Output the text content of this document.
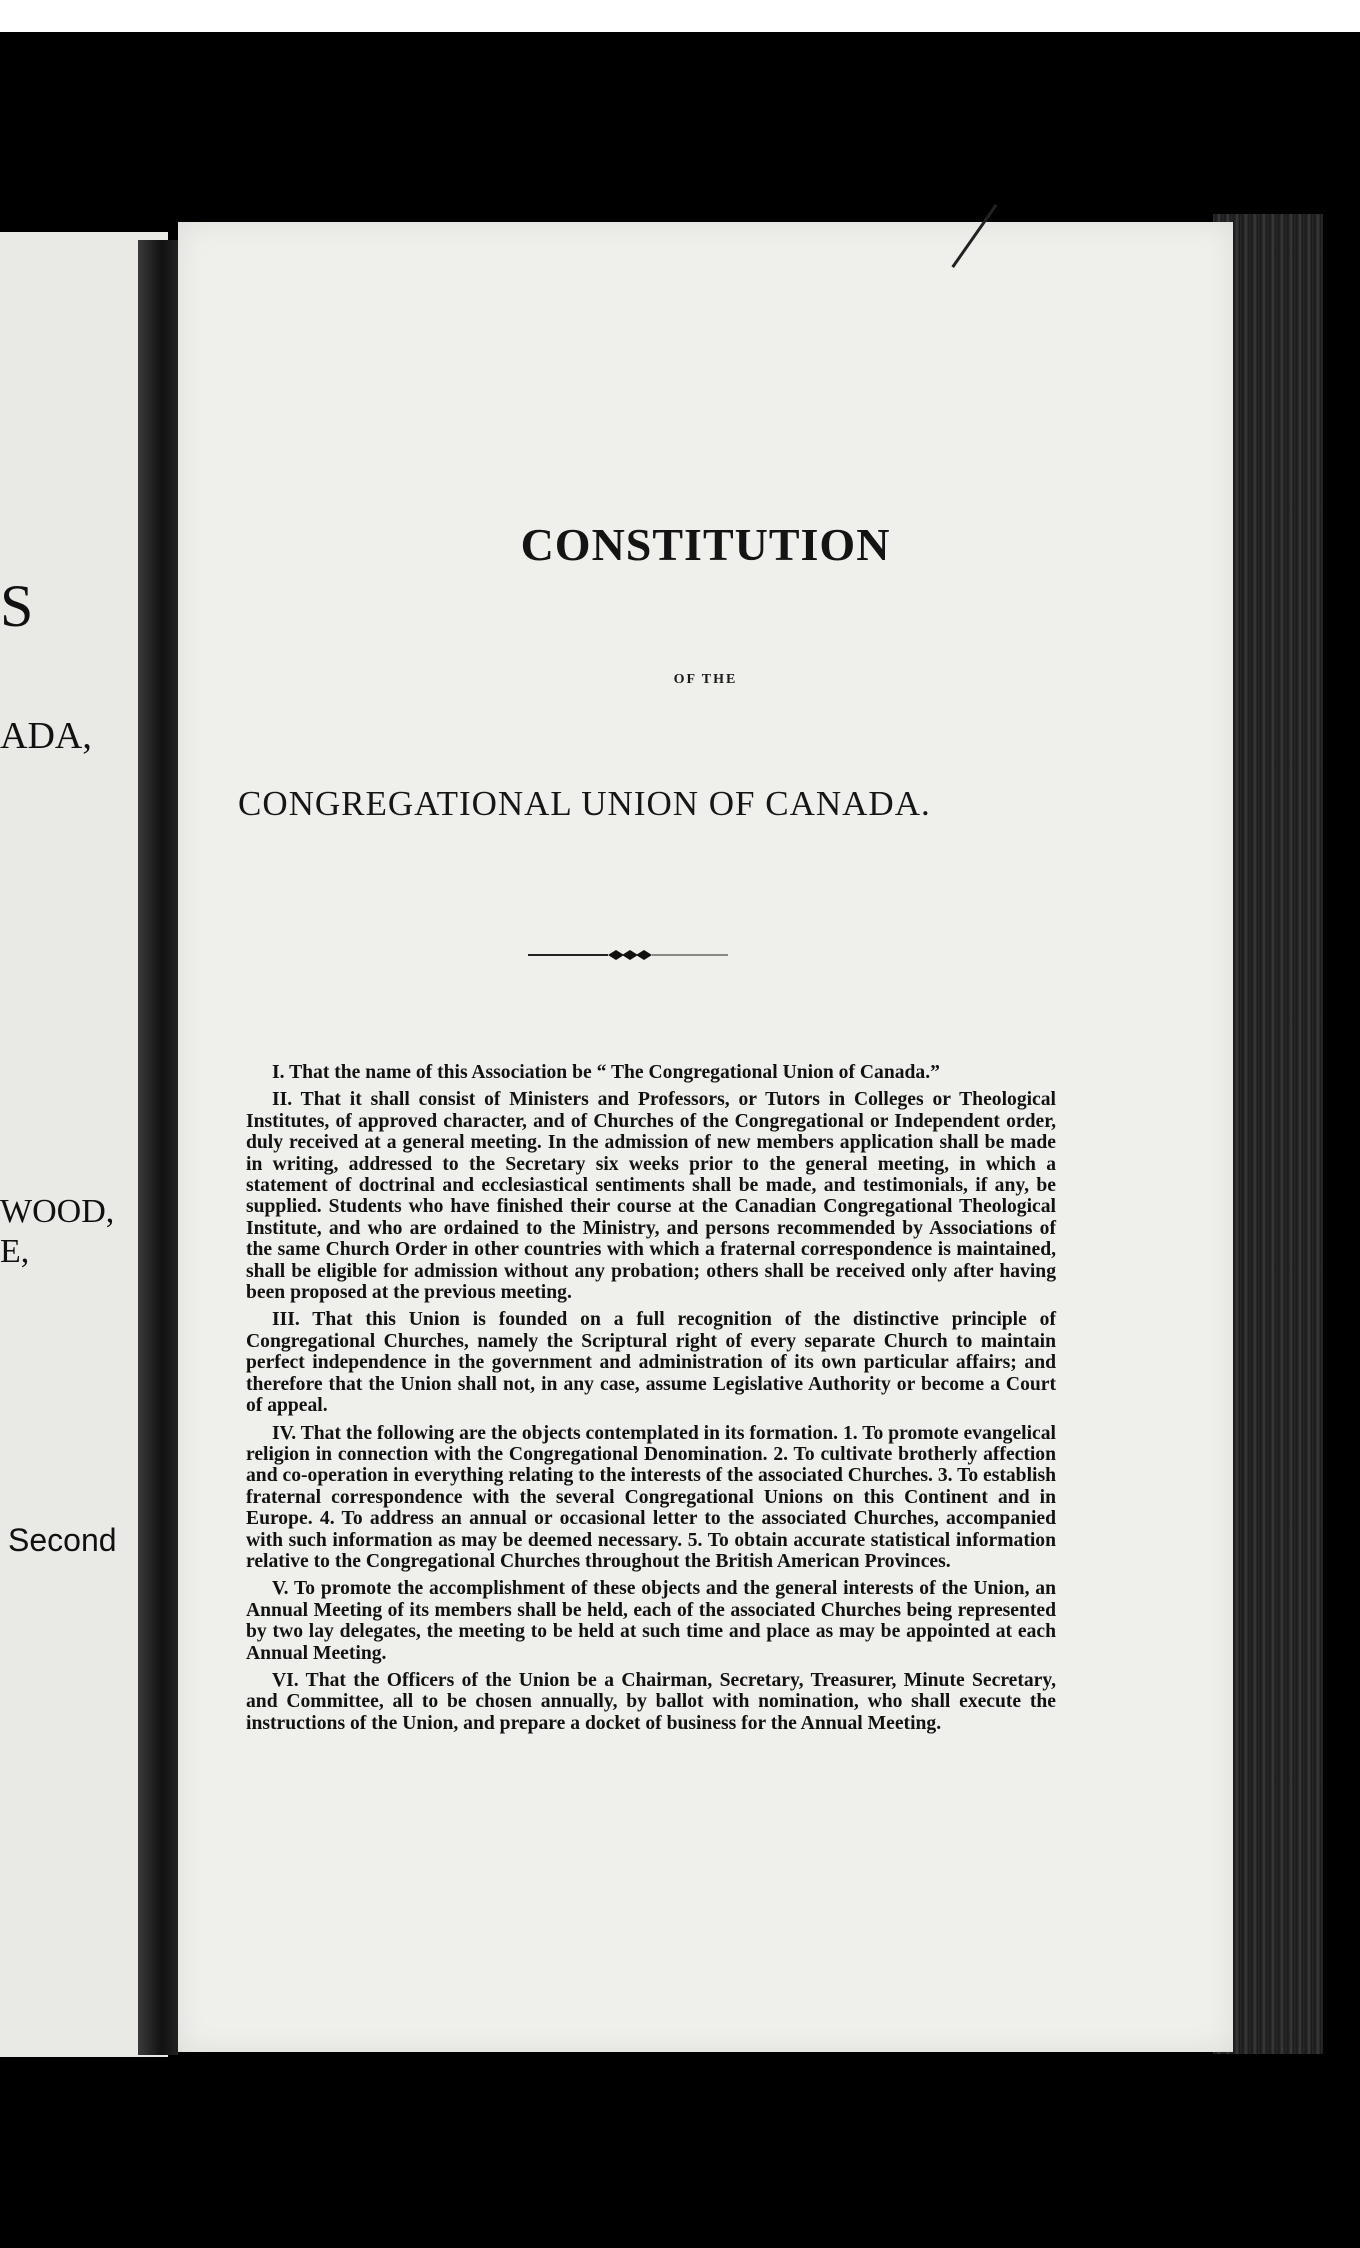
S
ADA,
WOOD,
E,
Second
CONSTITUTION
OF THE
CONGREGATIONAL UNION OF CANADA.

I. That the name of this Association be “ The Congregational Union of Canada.”

II. That it shall consist of Ministers and Professors, or Tutors in Colleges or Theological Institutes, of approved character, and of Churches of the Congregational or Independent order, duly received at a general meeting. In the admission of new members application shall be made in writing, addressed to the Secretary six weeks prior to the general meeting, in which a statement of doctrinal and ecclesiastical sentiments shall be made, and testimonials, if any, be supplied. Students who have finished their course at the Canadian Congregational Theological Institute, and who are ordained to the Ministry, and persons recommended by Associations of the same Church Order in other countries with which a fraternal correspondence is maintained, shall be eligible for admission without any probation; others shall be received only after having been proposed at the previous meeting.

III. That this Union is founded on a full recognition of the distinctive principle of Congregational Churches, namely the Scriptural right of every separate Church to maintain perfect independence in the government and administration of its own particular affairs; and therefore that the Union shall not, in any case, assume Legislative Authority or become a Court of appeal.

IV. That the following are the objects contemplated in its formation. 1. To promote evangelical religion in connection with the Congregational Denomination. 2. To cultivate brotherly affection and co-operation in everything relating to the interests of the associated Churches. 3. To establish fraternal correspondence with the several Congregational Unions on this Continent and in Europe. 4. To address an annual or occasional letter to the associated Churches, accompanied with such information as may be deemed necessary. 5. To obtain accurate statistical information relative to the Congregational Churches throughout the British American Provinces.

V. To promote the accomplishment of these objects and the general interests of the Union, an Annual Meeting of its members shall be held, each of the associated Churches being represented by two lay delegates, the meeting to be held at such time and place as may be appointed at each Annual Meeting.

VI. That the Officers of the Union be a Chairman, Secretary, Treasurer, Minute Secretary, and Committee, all to be chosen annually, by ballot with nomination, who shall execute the instructions of the Union, and prepare a docket of business for the Annual Meeting.
